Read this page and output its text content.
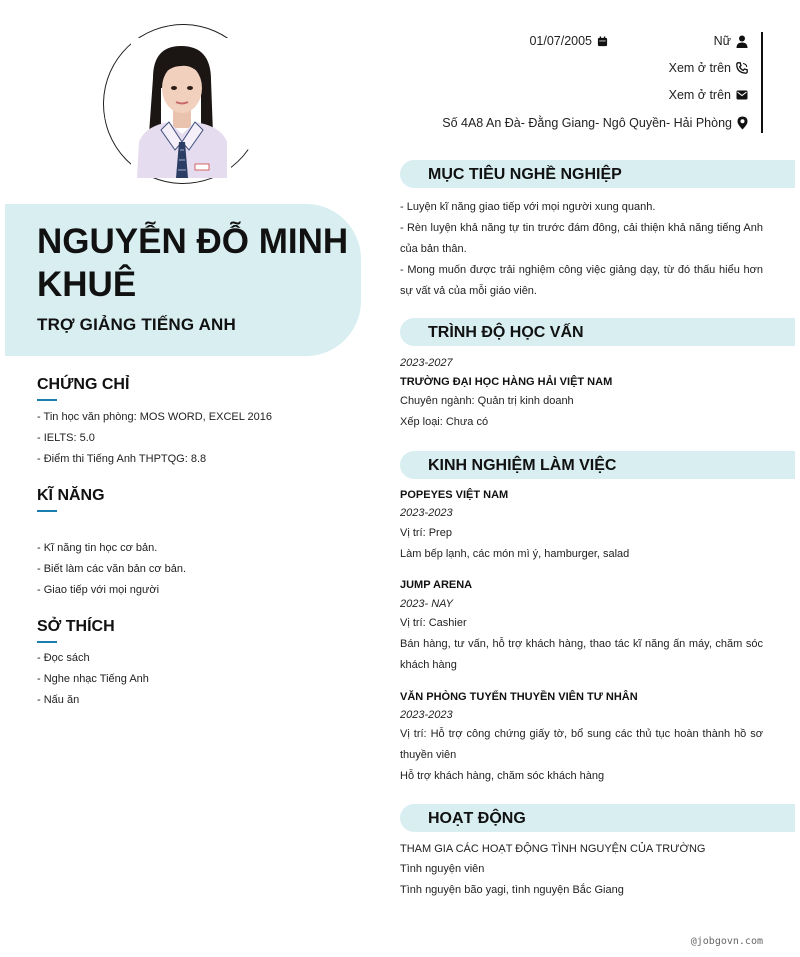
NGUYỄN ĐỖ MINH KHUÊ
TRỢ GIẢNG TIẾNG ANH
CHỨNG CHỈ
- Tin học văn phòng: MOS WORD, EXCEL 2016
- IELTS: 5.0
- Điểm thi Tiếng Anh THPTQG: 8.8
KĨ NĂNG
- Kĩ năng tin học cơ bản.
- Biết làm các văn bản cơ bản.
- Giao tiếp với mọi người
SỞ THÍCH
- Đọc sách
- Nghe nhạc Tiếng Anh
- Nấu ăn
01/07/2005	Nữ
Xem ở trên
Xem ở trên
Số 4A8 An Đà- Đằng Giang- Ngô Quyền- Hải Phòng
MỤC TIÊU NGHỀ NGHIỆP
- Luyện kĩ năng giao tiếp với mọi người xung quanh.
- Rèn luyện khả năng tự tin trước đám đông, cải thiện khả năng tiếng Anh của bản thân.
- Mong muốn được trải nghiệm công việc giảng dạy, từ đó thấu hiểu hơn sự vất vả của mỗi giáo viên.
TRÌNH ĐỘ HỌC VẤN
2023-2027
TRƯỜNG ĐẠI HỌC HÀNG HẢI VIỆT NAM
Chuyên ngành: Quản trị kinh doanh
Xếp loại: Chưa có
KINH NGHIỆM LÀM VIỆC
POPEYES VIỆT NAM
2023-2023
Vị trí: Prep
Làm bếp lạnh, các món mì ý, hamburger, salad
JUMP ARENA
2023- NAY
Vị trí: Cashier
Bán hàng, tư vấn, hỗ trợ khách hàng, thao tác kĩ năng ấn máy, chăm sóc khách hàng
VĂN PHÒNG TUYỂN THUYỀN VIÊN TƯ NHÂN
2023-2023
Vị trí: Hỗ trợ công chứng giấy tờ, bổ sung các thủ tục hoàn thành hồ sơ thuyền viên
Hỗ trợ khách hàng, chăm sóc khách hàng
HOẠT ĐỘNG
THAM GIA CÁC HOẠT ĐỘNG TÌNH NGUYỆN CỦA TRƯỜNG
Tình nguyện viên
Tình nguyện bão yagi, tình nguyện Bắc Giang
@jobgovn.com
